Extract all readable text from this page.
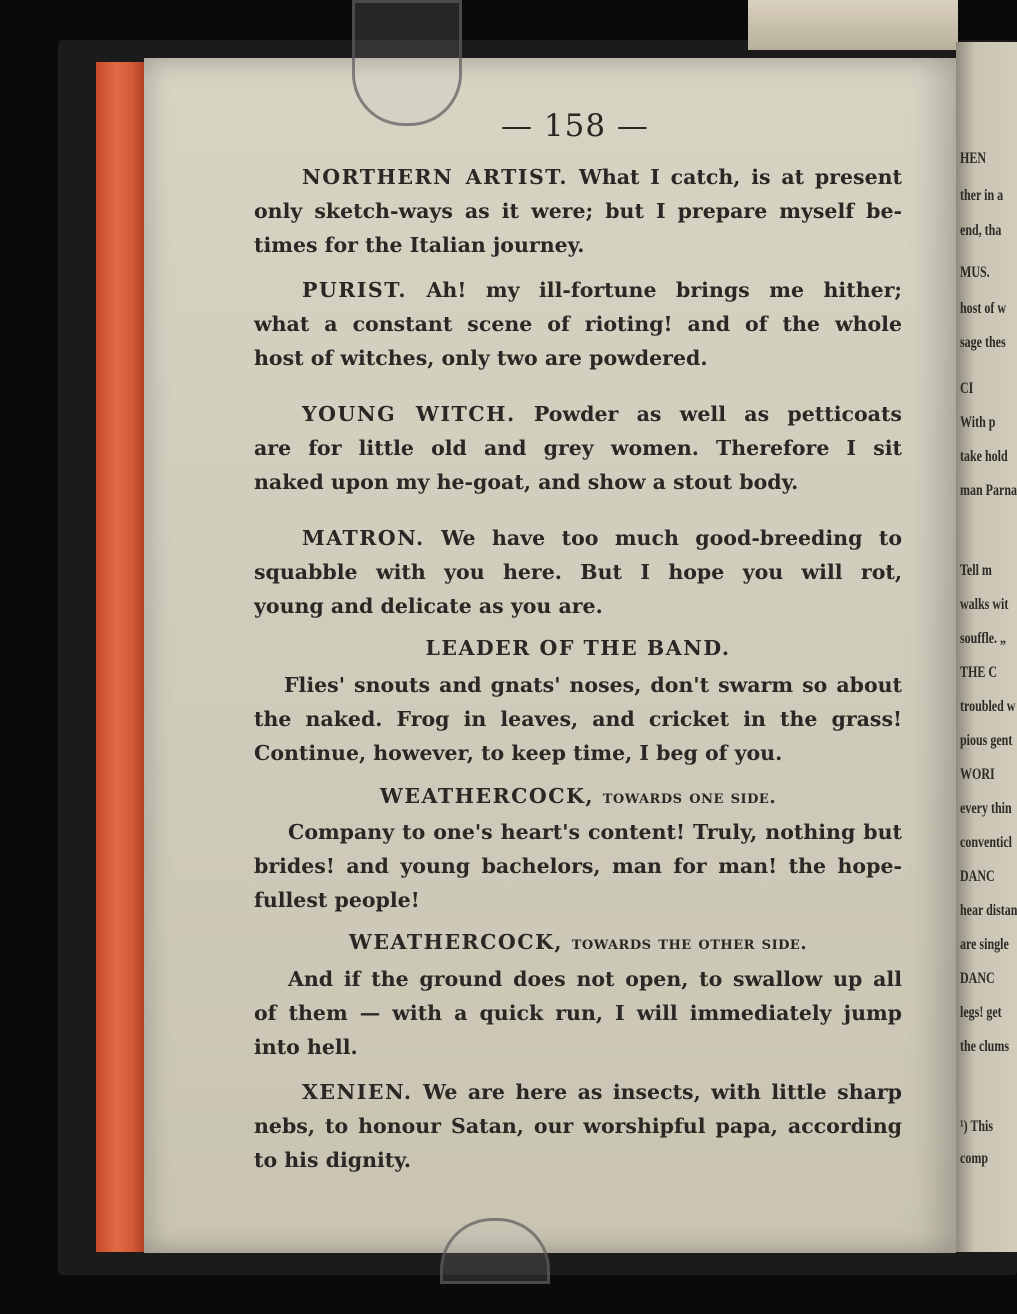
HEN
ther in a
end, tha
MUS.
host of w
sage thes
CI
With p
take hold
man Parna
Tell m
walks wit
souffle. „
THE C
troubled w
pious gent
WORI
every thin
conventicl
DANC
hear distan
are single
DANC
legs! get
the clums
¹) This
comp
— 158 —
NORTHERN ARTIST. What I catch, is at present
only sketch-ways as it were; but I prepare myself be-
times for the Italian journey.
PURIST. Ah! my ill-fortune brings me hither;
what a constant scene of rioting! and of the whole
host of witches, only two are powdered.
YOUNG WITCH. Powder as well as petticoats
are for little old and grey women. Therefore I sit
naked upon my he-goat, and show a stout body.
MATRON. We have too much good-breeding to
squabble with you here. But I hope you will rot,
young and delicate as you are.
LEADER OF THE BAND.
Flies' snouts and gnats' noses, don't swarm so about
the naked. Frog in leaves, and cricket in the grass!
Continue, however, to keep time, I beg of you.
WEATHERCOCK, towards one side.
Company to one's heart's content! Truly, nothing but
brides! and young bachelors, man for man! the hope-
fullest people!
WEATHERCOCK, towards the other side.
And if the ground does not open, to swallow up all
of them — with a quick run, I will immediately jump
into hell.
XENIEN. We are here as insects, with little sharp
nebs, to honour Satan, our worshipful papa, according
to his dignity.
